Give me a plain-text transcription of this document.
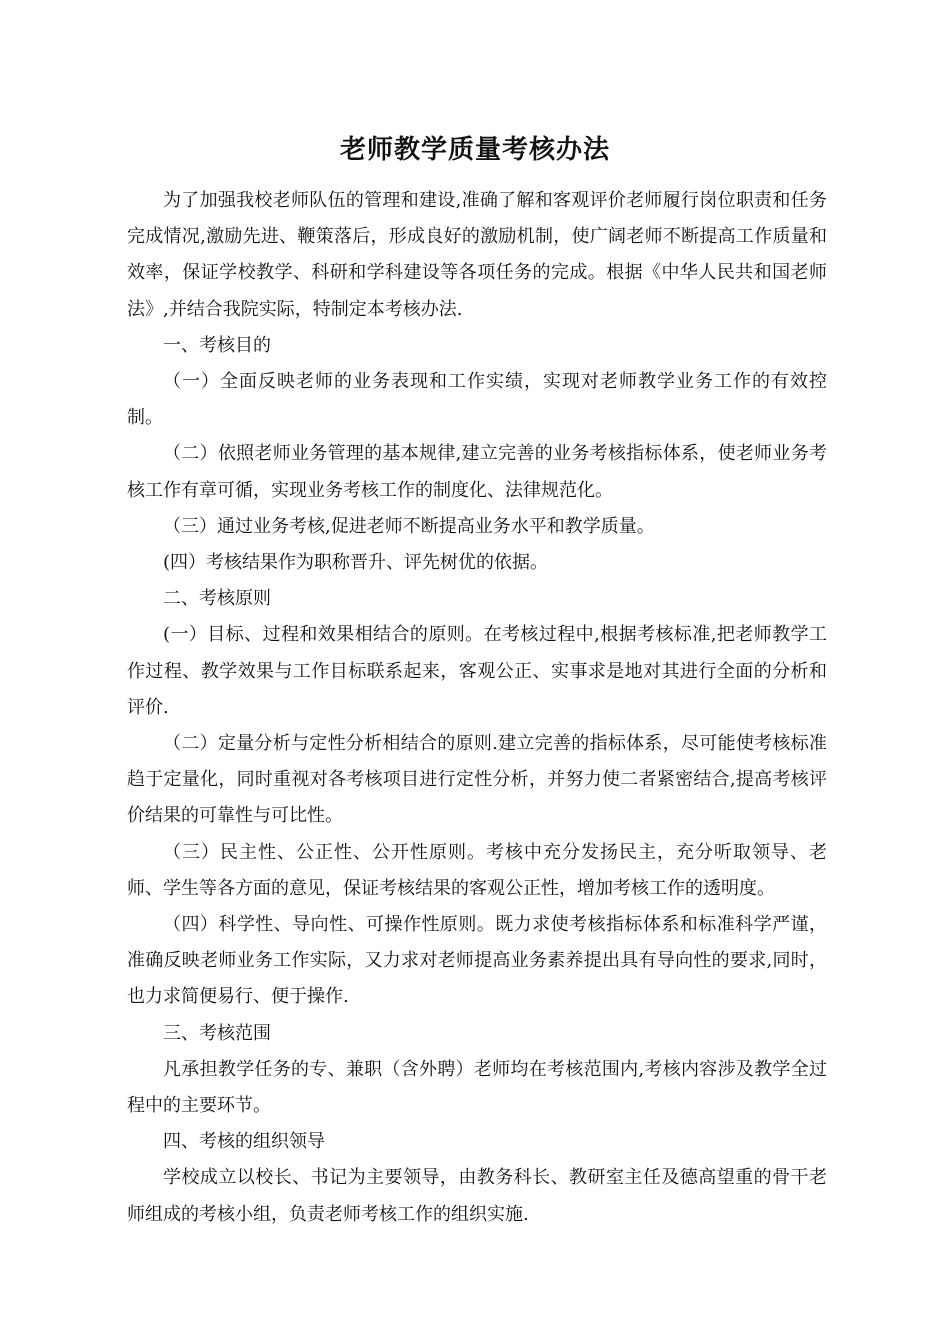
老师教学质量考核办法

为了加强我校老师队伍的管理和建设,准确了解和客观评价老师履行岗位职责和任务完成情况,激励先进、鞭策落后，形成良好的激励机制，使广阔老师不断提高工作质量和效率，保证学校教学、科研和学科建设等各项任务的完成。根据《中华人民共和国老师法》,并结合我院实际，特制定本考核办法.

一、考核目的

（一）全面反映老师的业务表现和工作实绩，实现对老师教学业务工作的有效控制。

（二）依照老师业务管理的基本规律,建立完善的业务考核指标体系，使老师业务考核工作有章可循，实现业务考核工作的制度化、法律规范化。

（三）通过业务考核,促进老师不断提高业务水平和教学质量。

(四）考核结果作为职称晋升、评先树优的依据。

二、考核原则

(一）目标、过程和效果相结合的原则。在考核过程中,根据考核标准,把老师教学工作过程、教学效果与工作目标联系起来，客观公正、实事求是地对其进行全面的分析和评价.

（二）定量分析与定性分析相结合的原则.建立完善的指标体系，尽可能使考核标准趋于定量化，同时重视对各考核项目进行定性分析，并努力使二者紧密结合,提高考核评价结果的可靠性与可比性。

（三）民主性、公正性、公开性原则。考核中充分发扬民主，充分听取领导、老师、学生等各方面的意见，保证考核结果的客观公正性，增加考核工作的透明度。

（四）科学性、导向性、可操作性原则。既力求使考核指标体系和标准科学严谨，准确反映老师业务工作实际，又力求对老师提高业务素养提出具有导向性的要求,同时，也力求简便易行、便于操作.

三、考核范围

凡承担教学任务的专、兼职（含外聘）老师均在考核范围内,考核内容涉及教学全过程中的主要环节。

四、考核的组织领导

学校成立以校长、书记为主要领导，由教务科长、教研室主任及德高望重的骨干老师组成的考核小组，负责老师考核工作的组织实施.
